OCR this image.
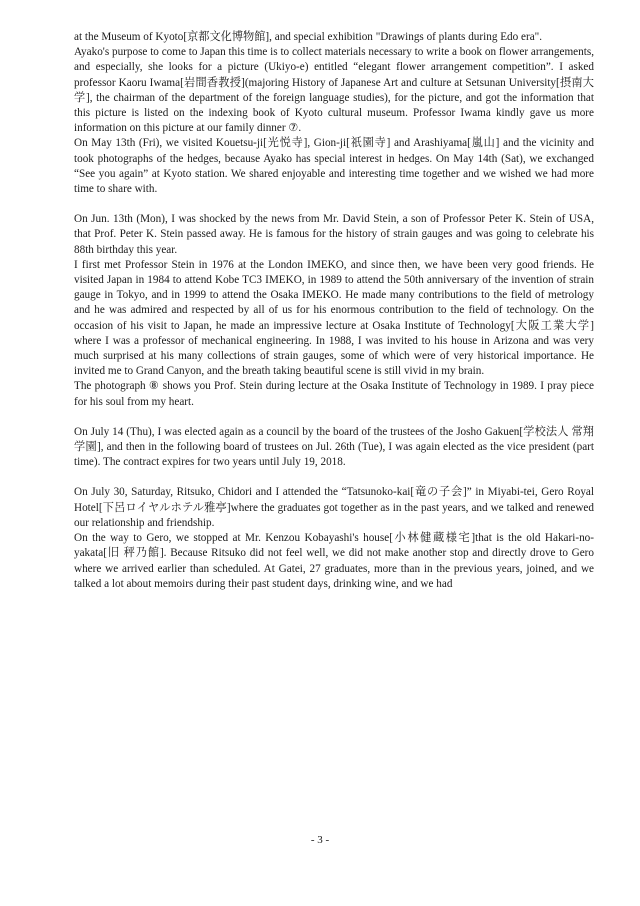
at the Museum of Kyoto[京都文化博物館], and special exhibition "Drawings of plants during Edo era".

Ayako's purpose to come to Japan this time is to collect materials necessary to write a book on flower arrangements, and especially, she looks for a picture (Ukiyo-e) entitled “elegant flower arrangement competition”. I asked professor Kaoru Iwama[岩間香教授](majoring History of Japanese Art and culture at Setsunan University[摂南大学], the chairman of the department of the foreign language studies), for the picture, and got the information that this picture is listed on the indexing book of Kyoto cultural museum. Professor Iwama kindly gave us more information on this picture at our family dinner ⑦.

On May 13th (Fri), we visited Kouetsu-ji[光悦寺], Gion-ji[祇園寺] and Arashiyama[嵐山] and the vicinity and took photographs of the hedges, because Ayako has special interest in hedges. On May 14th (Sat), we exchanged “See you again” at Kyoto station. We shared enjoyable and interesting time together and we wished we had more time to share with.

On Jun. 13th (Mon), I was shocked by the news from Mr. David Stein, a son of Professor Peter K. Stein of USA, that Prof. Peter K. Stein passed away. He is famous for the history of strain gauges and was going to celebrate his 88th birthday this year.

I first met Professor Stein in 1976 at the London IMEKO, and since then, we have been very good friends. He visited Japan in 1984 to attend Kobe TC3 IMEKO, in 1989 to attend the 50th anniversary of the invention of strain gauge in Tokyo, and in 1999 to attend the Osaka IMEKO. He made many contributions to the field of metrology and he was admired and respected by all of us for his enormous contribution to the field of technology. On the occasion of his visit to Japan, he made an impressive lecture at Osaka Institute of Technology[大阪工業大学] where I was a professor of mechanical engineering. In 1988, I was invited to his house in Arizona and was very much surprised at his many collections of strain gauges, some of which were of very historical importance. He invited me to Grand Canyon, and the breath taking beautiful scene is still vivid in my brain.

The photograph ⑧ shows you Prof. Stein during lecture at the Osaka Institute of Technology in 1989. I pray piece for his soul from my heart.

On July 14 (Thu), I was elected again as a council by the board of the trustees of the Josho Gakuen[学校法人 常翔学園], and then in the following board of trustees on Jul. 26th (Tue), I was again elected as the vice president (part time). The contract expires for two years until July 19, 2018.

On July 30, Saturday, Ritsuko, Chidori and I attended the “Tatsunoko-kai[竜の子会]” in Miyabi-tei, Gero Royal Hotel[下呂ロイヤルホテル雅亭]where the graduates got together as in the past years, and we talked and renewed our relationship and friendship.

On the way to Gero, we stopped at Mr. Kenzou Kobayashi's house[小林健蔵様宅]that is the old Hakari-no-yakata[旧 秤乃館]. Because Ritsuko did not feel well, we did not make another stop and directly drove to Gero where we arrived earlier than scheduled. At Gatei, 27 graduates, more than in the previous years, joined, and we talked a lot about memoirs during their past student days, drinking wine, and we had

- 3 -
